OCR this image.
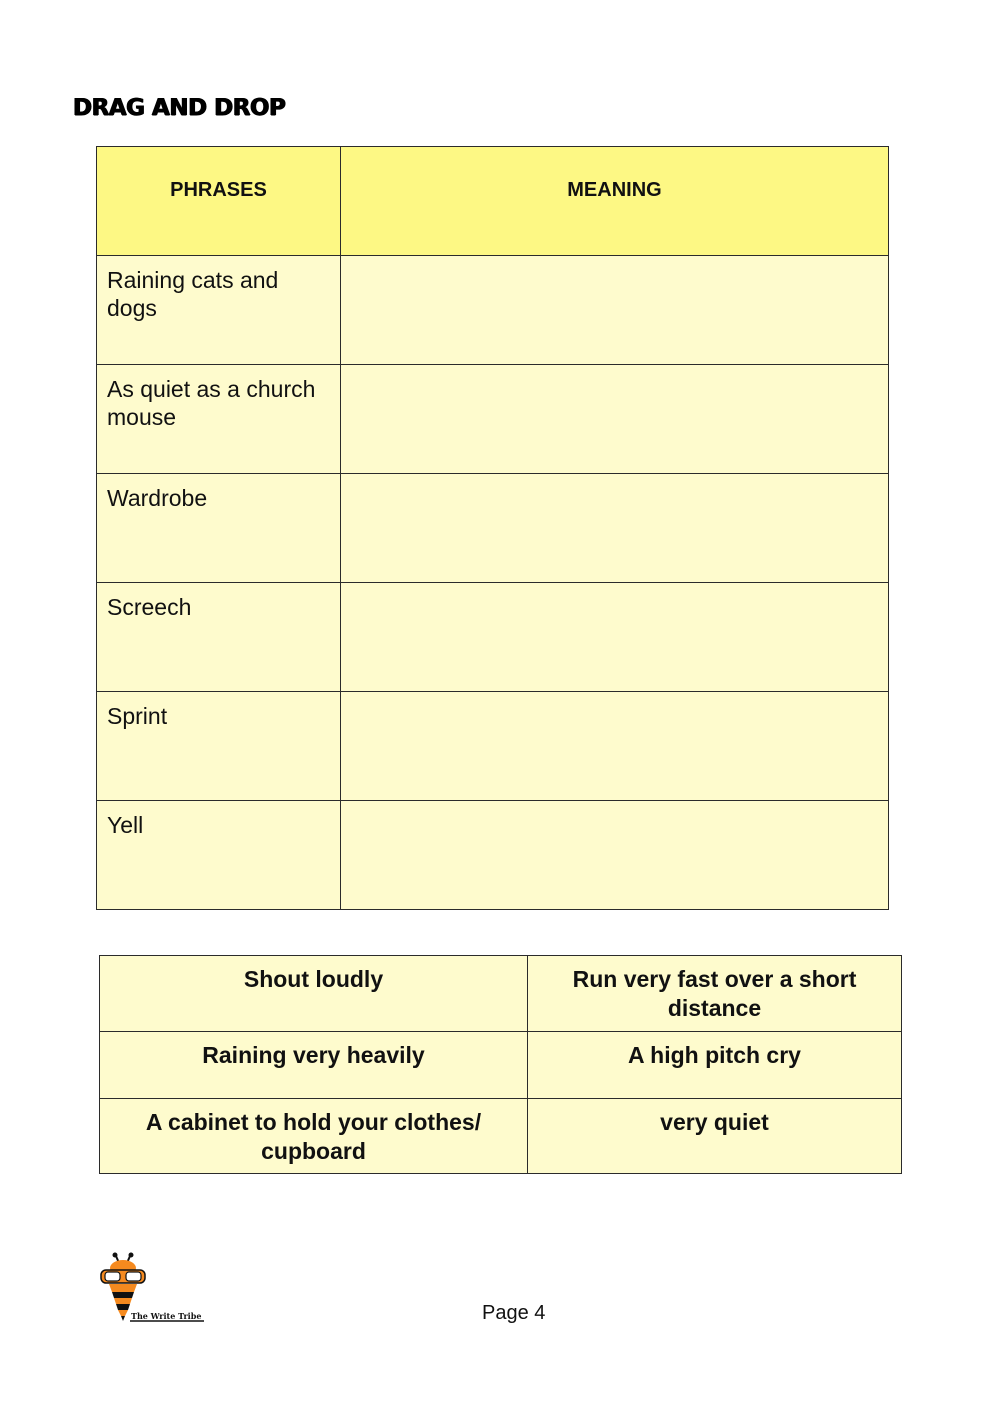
DRAG AND DROP
PHRASES	MEANING

Raining cats and dogs	
As quiet as a church mouse	
Wardrobe	
Screech	
Sprint	
Yell	
Shout loudly	Run very fast over a short distance
Raining very heavily	A high pitch cry
A cabinet to hold your clothes/ cupboard	very quiet
The Write Tribe	Page 4
